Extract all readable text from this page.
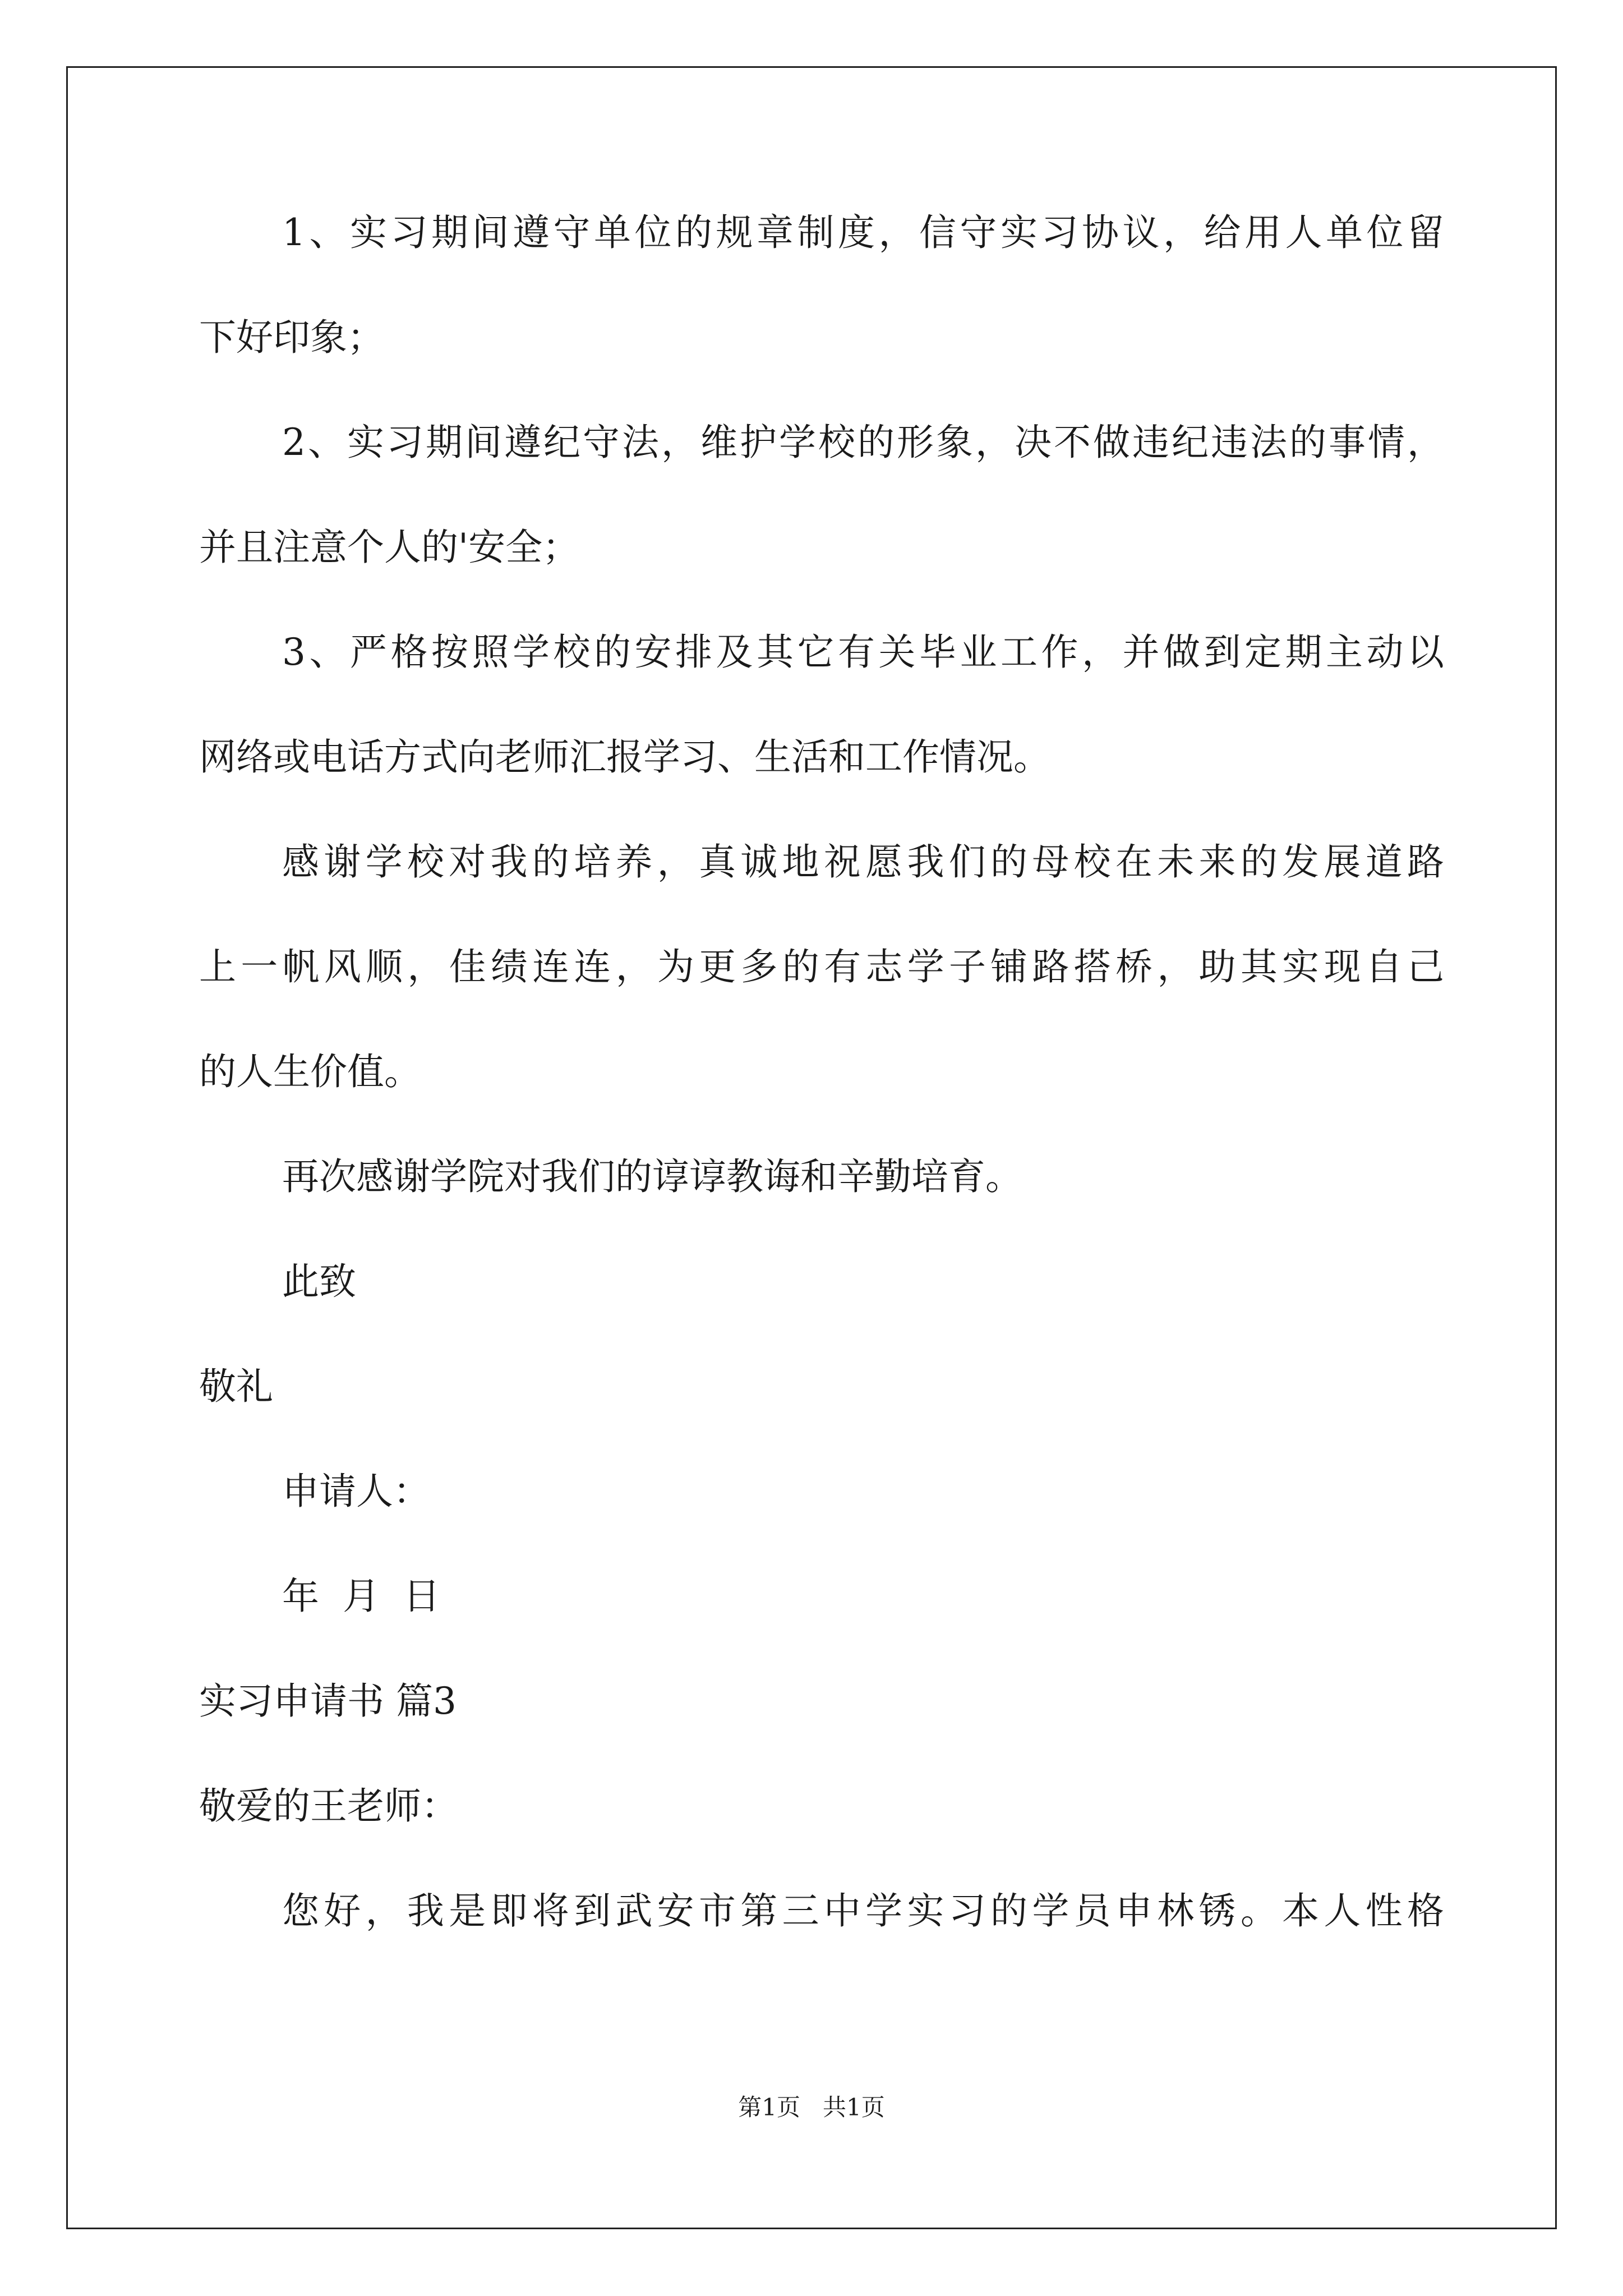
1、实习期间遵守单位的规章制度，信守实习协议，给用人单位留
下好印象；
2、实习期间遵纪守法，维护学校的形象，决不做违纪违法的事情，
并且注意个人的'安全；
3、严格按照学校的安排及其它有关毕业工作，并做到定期主动以
网络或电话方式向老师汇报学习、生活和工作情况。
感谢学校对我的培养，真诚地祝愿我们的母校在未来的发展道路
上一帆风顺，佳绩连连，为更多的有志学子铺路搭桥，助其实现自己
的人生价值。
再次感谢学院对我们的谆谆教诲和辛勤培育。
此致
敬礼
申请人：
年  月  日
实习申请书 篇3
敬爱的王老师：
您好，我是即将到武安市第三中学实习的学员申林锈。本人性格
第1页   共1页
